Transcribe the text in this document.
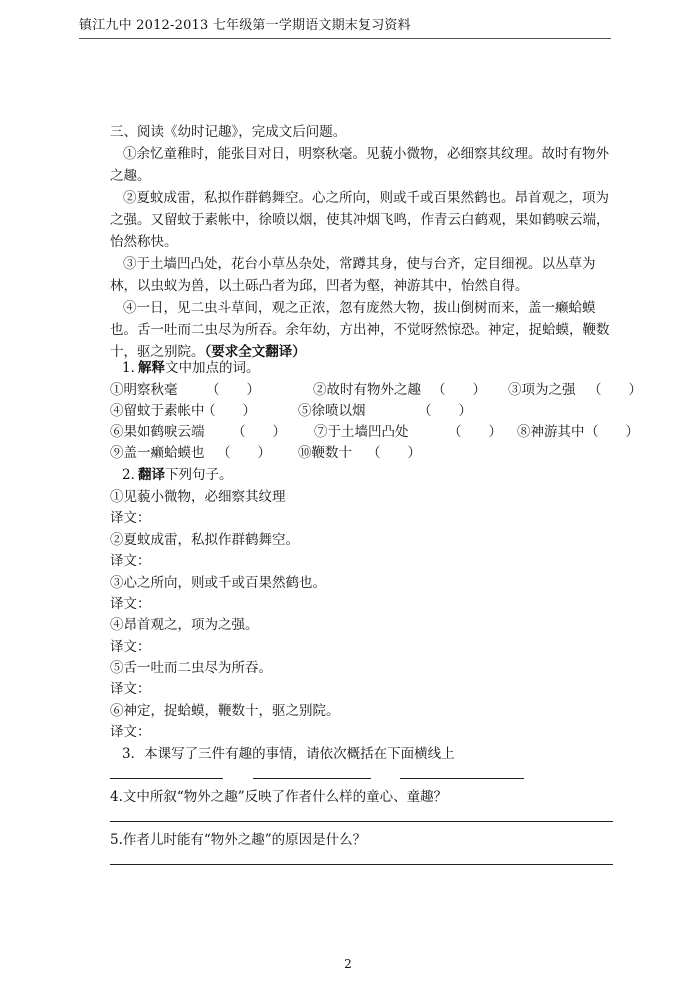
镇江九中 2012-2013 七年级第一学期语文期末复习资料
三、阅读《幼时记趣》，完成文后问题。

①余忆童稚时，能张目对日，明察秋毫。见藐小微物，必细察其纹理。故时有物外之趣。

②夏蚊成雷，私拟作群鹤舞空。心之所向，则或千或百果然鹤也。昂首观之，项为之强。又留蚊于素帐中，徐喷以烟，使其冲烟飞鸣，作青云白鹤观，果如鹤唳云端，怡然称快。

③于土墙凹凸处，花台小草丛杂处，常蹲其身，使与台齐，定目细视。以丛草为林，以虫蚁为兽，以土砾凸者为邱，凹者为壑，神游其中，怡然自得。

④一日，见二虫斗草间，观之正浓，忽有庞然大物，拔山倒树而来，盖一癞蛤蟆也。舌一吐而二虫尽为所吞。余年幼，方出神，不觉呀然惊恐。神定，捉蛤蟆，鞭数十，驱之别院。（要求全文翻译）

1．
解释 文中加点的词。
①明察秋毫 （　　）	②故时有物外之趣 （　　） ③项为之强 （　　）
④留蚊于素帐中
（　　）	⑤徐喷以烟	（　　）
⑥果如鹤唳云端 （　　） ⑦于土墙凹凸处	（　　） ⑧神游其中 （　　）
⑨盖一癞蛤蟆也 （　　） ⑩鞭数十 （　　）
2．
翻译 下列句子。
①见藐小微物，必细察其纹理
译文：
②夏蚊成雷，私拟作群鹤舞空。
译文：
③心之所向，则或千或百果然鹤也。
译文：
④昂首观之，项为之强。
译文：
⑤舌一吐而二虫尽为所吞。
译文：
⑥神定，捉蛤蟆，鞭数十，驱之别院。
译文：
3．本课写了三件有趣的事情，请依次概括在下面横线上
4.文中所叙“物外之趣”反映了作者什么样的童心、童趣？
5.作者儿时能有“物外之趣”的原因是什么？
2
